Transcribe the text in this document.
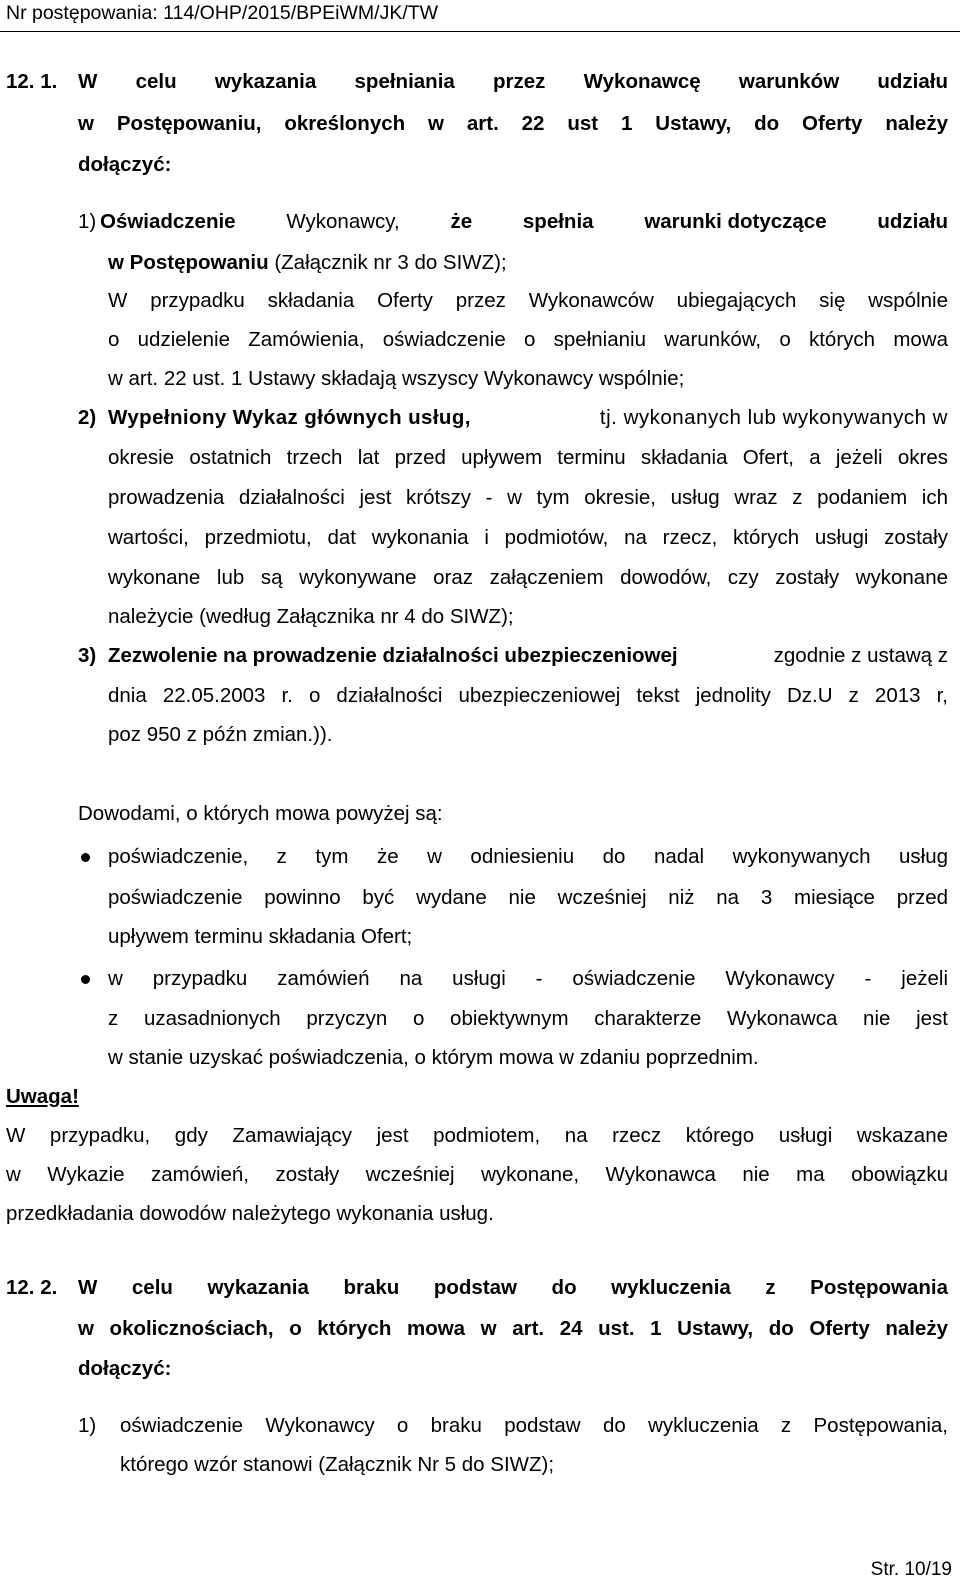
Nr postępowania: 114/OHP/2015/BPEiWM/JK/TW
12. 1. W celu wykazania spełniania przez Wykonawcę warunków udziału
w Postępowaniu, określonych w art. 22 ust 1 Ustawy, do Oferty należy
dołączyć:
1) Oświadczenie Wykonawcy, że spełnia warunki dotyczące udziału
w Postępowaniu (Załącznik nr 3 do SIWZ);
W przypadku składania Oferty przez Wykonawców ubiegających się wspólnie
o udzielenie Zamówienia, oświadczenie o spełnianiu warunków, o których mowa
w art. 22 ust. 1 Ustawy składają wszyscy Wykonawcy wspólnie;
2) Wypełniony Wykaz głównych usług,	tj. wykonanych lub wykonywanych w
okresie ostatnich trzech lat przed upływem terminu składania Ofert, a jeżeli okres
prowadzenia działalności jest krótszy - w tym okresie, usług wraz z podaniem ich
wartości, przedmiotu, dat wykonania i podmiotów, na rzecz, których usługi zostały
wykonane lub są wykonywane oraz załączeniem dowodów, czy zostały wykonane
należycie (według Załącznika nr 4 do SIWZ);
3) Zezwolenie na prowadzenie działalności ubezpieczeniowej	zgodnie z ustawą z
dnia 22.05.2003 r. o działalności ubezpieczeniowej tekst jednolity Dz.U z 2013 r,
poz 950 z późn zmian.)).
Dowodami, o których mowa powyżej są:
poświadczenie, z tym że w odniesieniu do nadal wykonywanych usług
poświadczenie powinno być wydane nie wcześniej niż na 3 miesiące przed
upływem terminu składania Ofert;
w przypadku zamówień na usługi - oświadczenie Wykonawcy - jeżeli
z uzasadnionych przyczyn o obiektywnym charakterze Wykonawca nie jest
w stanie uzyskać poświadczenia, o którym mowa w zdaniu poprzednim.
Uwaga!
W przypadku, gdy Zamawiający jest podmiotem, na rzecz którego usługi wskazane
w Wykazie zamówień, zostały wcześniej wykonane, Wykonawca nie ma obowiązku
przedkładania dowodów należytego wykonania usług.
12. 2. W celu wykazania braku podstaw do wykluczenia z Postępowania
w okolicznościach, o których mowa w art. 24 ust. 1 Ustawy, do Oferty należy
dołączyć:
1) oświadczenie Wykonawcy o braku podstaw do wykluczenia z Postępowania,
którego wzór stanowi (Załącznik Nr 5 do SIWZ);
Str. 10/19
